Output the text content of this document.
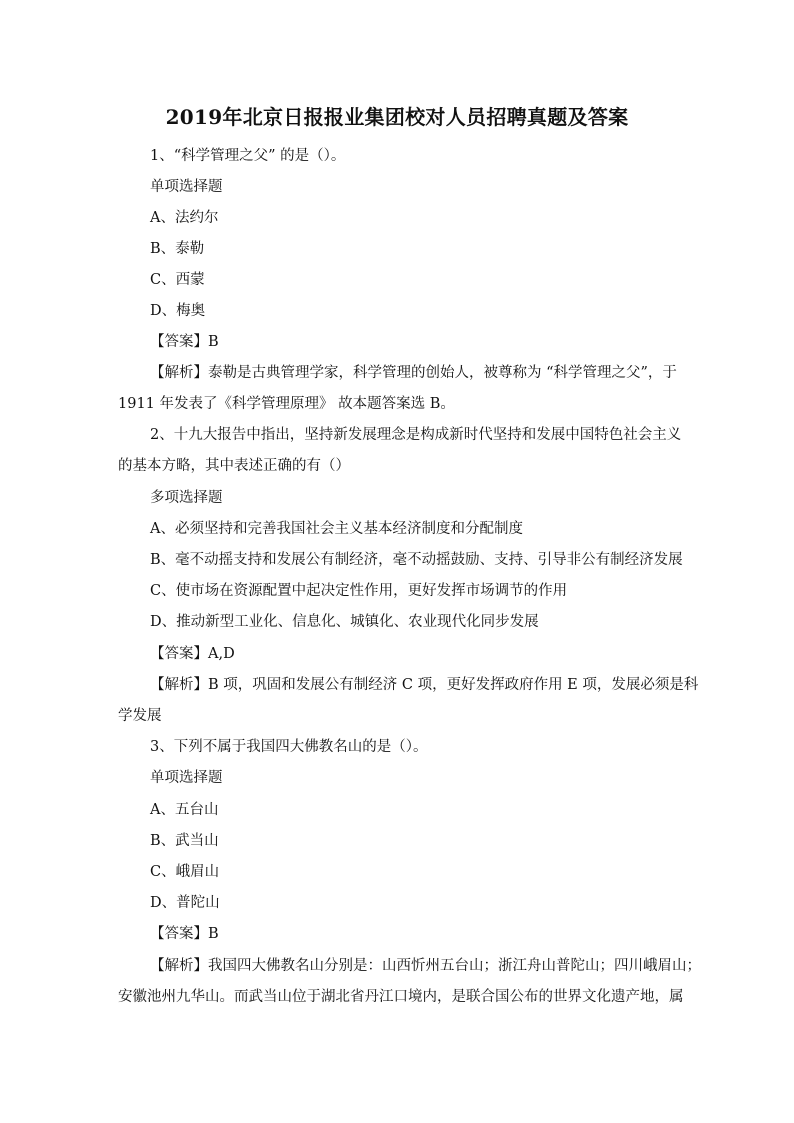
2019年北京日报报业集团校对人员招聘真题及答案
1、“科学管理之父” 的是（）。
单项选择题
A、法约尔
B、泰勒
C、西蒙
D、梅奥
【答案】B
【解析】泰勒是古典管理学家，科学管理的创始人，被尊称为 “科学管理之父”，于
1911 年发表了《科学管理原理》 故本题答案选 B。
2、十九大报告中指出，坚持新发展理念是构成新时代坚持和发展中国特色社会主义
的基本方略，其中表述正确的有（）
多项选择题
A、必须坚持和完善我国社会主义基本经济制度和分配制度
B、毫不动摇支持和发展公有制经济，毫不动摇鼓励、支持、引导非公有制经济发展
C、使市场在资源配置中起决定性作用，更好发挥市场调节的作用
D、推动新型工业化、信息化、城镇化、农业现代化同步发展
【答案】A,D
【解析】B 项，巩固和发展公有制经济 C 项，更好发挥政府作用 E 项，发展必须是科
学发展
3、下列不属于我国四大佛教名山的是（）。
单项选择题
A、五台山
B、武当山
C、峨眉山
D、普陀山
【答案】B
【解析】我国四大佛教名山分别是：山西忻州五台山；浙江舟山普陀山；四川峨眉山；
安徽池州九华山。而武当山位于湖北省丹江口境内，是联合国公布的世界文化遗产地，属
